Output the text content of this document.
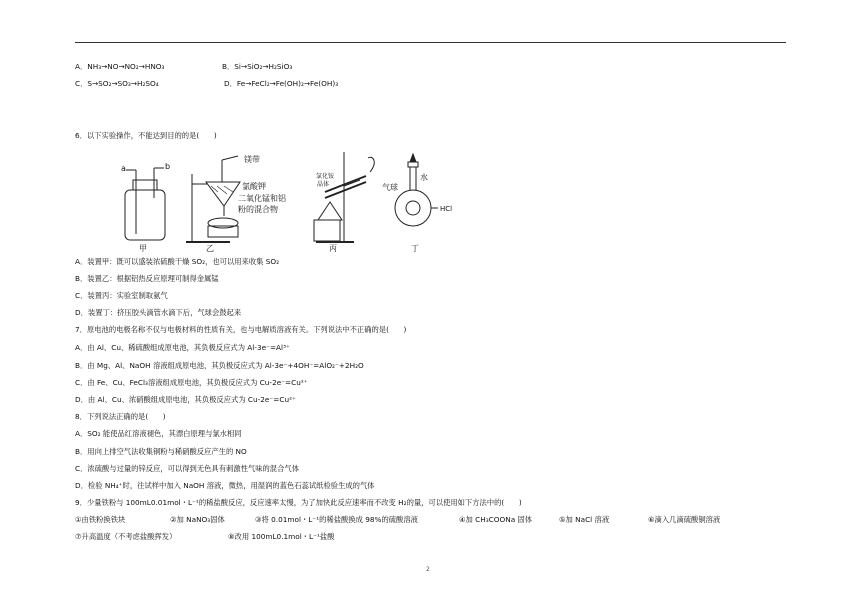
A．NH₃→NO→NO₂→HNO₃	B．Si→SiO₂→H₂SiO₃
C．S→SO₂→SO₃→H₂SO₄	D．Fe→FeCl₂→Fe(OH)₂→Fe(OH)₃
6．以下实验操作，不能达到目的的是(　　)
a	b
甲	乙	丙	丁
镁带
氯酸钾
二氧化锰和铝
粉的混合物
氯化铵
晶体	气球
水
HCl
A．装置甲：既可以盛装浓硫酸干燥 SO₂，也可以用来收集 SO₂
B．装置乙：根据铝热反应原理可制得金属锰
C．装置丙：实验室制取氨气
D．装置丁：挤压胶头滴管水滴下后，气球会鼓起来
7．原电池的电极名称不仅与电极材料的性质有关，也与电解质溶液有关。下列说法中不正确的是(　　)
A．由 Al、Cu、稀硫酸组成原电池，其负极反应式为 Al-3e⁻=Al³⁺
B．由 Mg、Al、NaOH 溶液组成原电池，其负极反应式为 Al-3e⁻+4OH⁻=AlO₂⁻+2H₂O
C．由 Fe、Cu、FeCl₃溶液组成原电池，其负极反应式为 Cu-2e⁻=Cu²⁺
D．由 Al、Cu、浓硝酸组成原电池，其负极反应式为 Cu-2e⁻=Cu²⁺
8．下列说法正确的是(　　)
A．SO₂ 能使品红溶液褪色，其漂白原理与氯水相同
B．用向上排空气法收集铜粉与稀硝酸反应产生的 NO
C．浓硫酸与过量的锌反应，可以得到无色具有刺激性气味的混合气体
D．检验 NH₄⁺时，往试样中加入 NaOH 溶液，微热，用湿润的蓝色石蕊试纸检验生成的气体
9．少量铁粉与 100mL0.01mol・L⁻¹的稀盐酸反应，反应速率太慢，为了加快此反应速率而不改变 H₂的量，可以使用如下方法中的(　　)
①由铁粉换铁块	②加 NaNO₃固体	③将 0.01mol・L⁻¹的稀盐酸换成 98%的硫酸溶液	④加 CH₃COONa 固体	⑤加 NaCl 溶液	⑥滴入几滴硫酸铜溶液
⑦升高温度（不考虑盐酸挥发）	⑧改用 100mL0.1mol・L⁻¹盐酸
2
